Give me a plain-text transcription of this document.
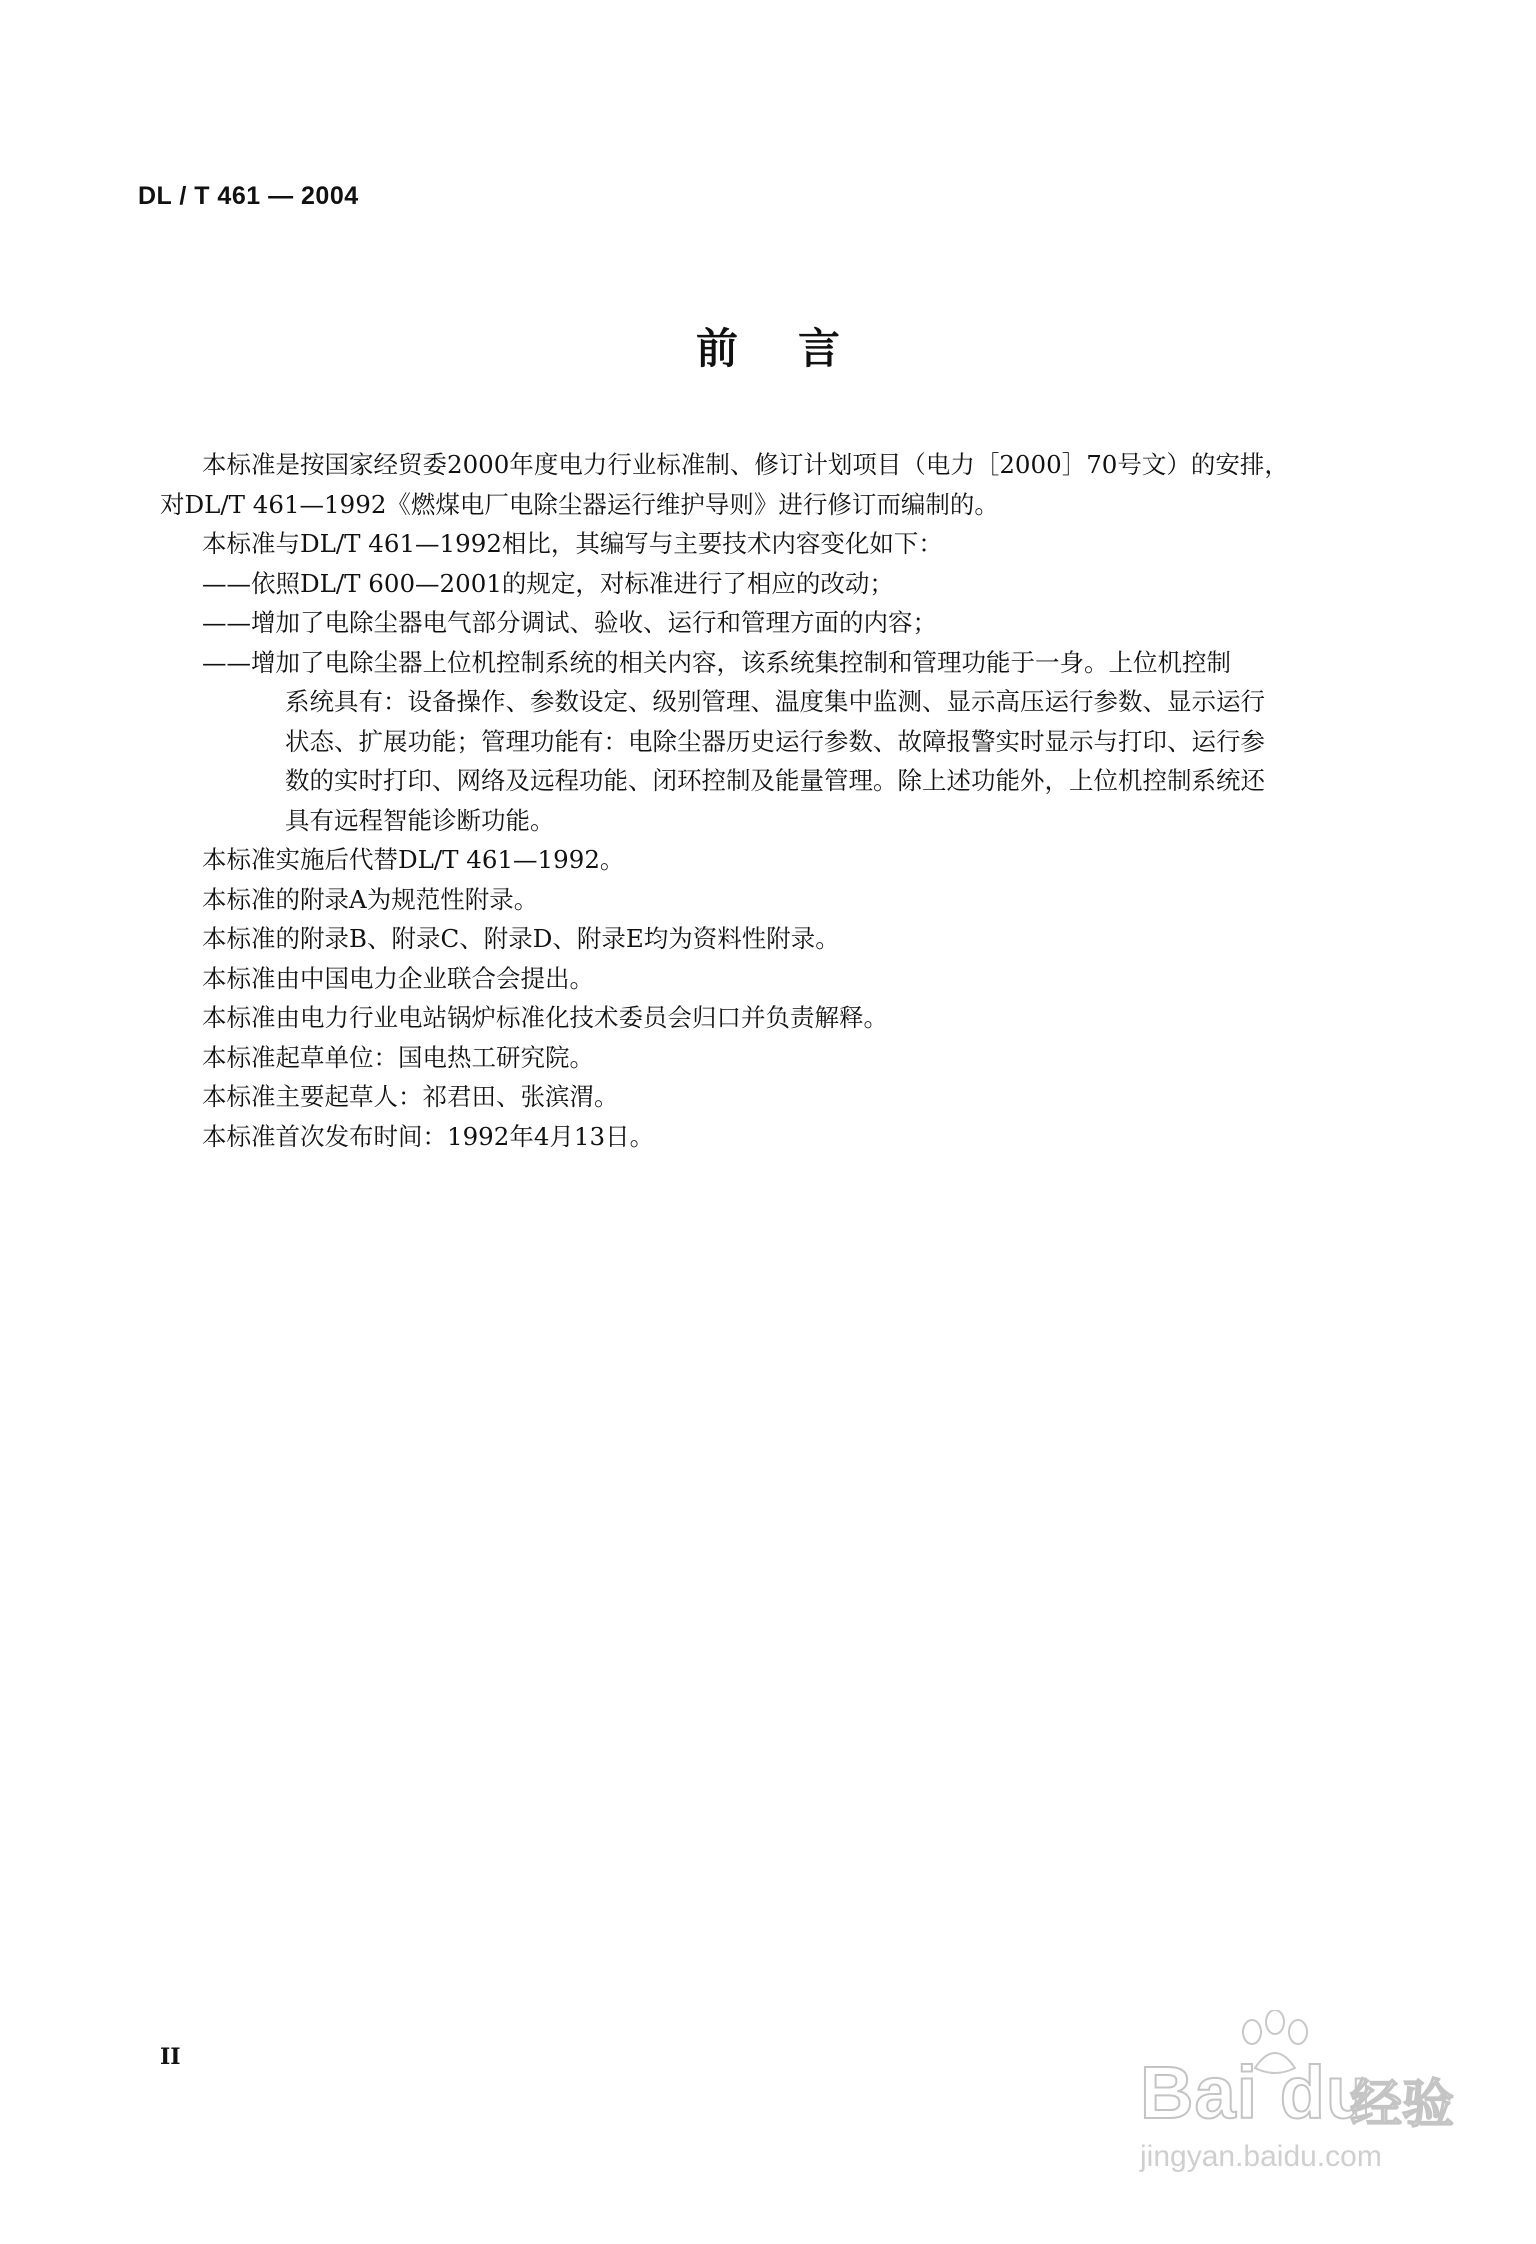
DL / T 461 — 2004
前言

本标准是按国家经贸委2000年度电力行业标准制、修订计划项目（电力［2000］70号文）的安排，

对DL/T 461—1992《燃煤电厂电除尘器运行维护导则》进行修订而编制的。

本标准与DL/T 461—1992相比，其编写与主要技术内容变化如下：

——依照DL/T 600—2001的规定，对标准进行了相应的改动；

——增加了电除尘器电气部分调试、验收、运行和管理方面的内容；

——增加了电除尘器上位机控制系统的相关内容，该系统集控制和管理功能于一身。上位机控制

系统具有：设备操作、参数设定、级别管理、温度集中监测、显示高压运行参数、显示运行

状态、扩展功能；管理功能有：电除尘器历史运行参数、故障报警实时显示与打印、运行参

数的实时打印、网络及远程功能、闭环控制及能量管理。除上述功能外，上位机控制系统还

具有远程智能诊断功能。

本标准实施后代替DL/T 461—1992。

本标准的附录A为规范性附录。

本标准的附录B、附录C、附录D、附录E均为资料性附录。

本标准由中国电力企业联合会提出。

本标准由电力行业电站锅炉标准化技术委员会归口并负责解释。

本标准起草单位：国电热工研究院。

本标准主要起草人：祁君田、张滨渭。

本标准首次发布时间：1992年4月13日。

II	Bai du
经验
jingyan.baidu.com
